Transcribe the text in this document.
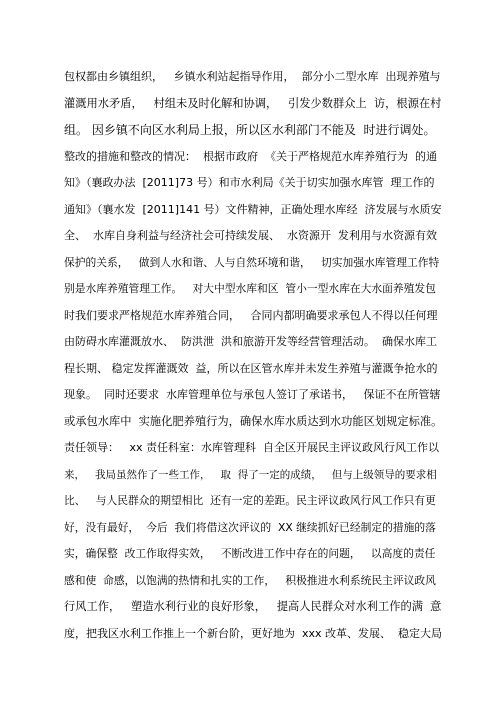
包权都由乡镇组织，   乡镇水利站起指导作用，  部分小二型水库  出现养殖与
灌溉用水矛盾，   村组未及时化解和协调，   引发少数群众上  访，根源在村
组。 因乡镇不向区水利局上报，所以区水利部门不能及  时进行调处。
整改的措施和整改的情况：  根据市政府  《关于严格规范水库养殖行为  的通
知》（襄政办法  [2011]73 号）和市水利局《关于切实加强水库管  理工作的
通知》（襄水发  [2011]141 号）文件精神，正确处理水库经  济发展与水质安
全、  水库自身利益与经济社会可持续发展、  水资源开  发利用与水资源有效
保护的关系，   做到人水和谐、人与自然环境和谐，   切实加强水库管理工作特
别是水库养殖管理工作。   对大中型水库和区  管小一型水库在大水面养殖发包
时我们要求严格规范水库养殖合同，   合同内都明确要求承包人不得以任何理
由防碍水库灌溉放水、  防洪泄  洪和旅游开发等经营管理活动。  确保水库工
程长期、 稳定发挥灌溉效  益，所以在区管水库并未发生养殖与灌溉争抢水的
现象。  同时还要求  水库管理单位与承包人签订了承诺书，   保证不在所管辖
或承包水库中  实施化肥养殖行为，确保水库水质达到水功能区划规定标准。
责任领导：   xx 责任科室：水库管理科  自全区开展民主评议政风行风工作以
来，   我局虽然作了一些工作，   取  得了一定的成绩，   但与上级领导的要求相
比、   与人民群众的期望相比  还有一定的差距。民主评议政风行风工作只有更
好，没有最好，  今后  我们将借这次评议的  XX 继续抓好已经制定的措施的落
实，确保整  改工作取得实效，   不断改进工作中存在的问题，   以高度的责任
感和使  命感，以饱满的热情和扎实的工作，   积极推进水利系统民主评议政风
行风工作，   塑造水利行业的良好形象，   提高人民群众对水利工作的满  意
度，把我区水利工作推上一个新台阶，更好地为  xxx 改革、发展、  稳定大局
